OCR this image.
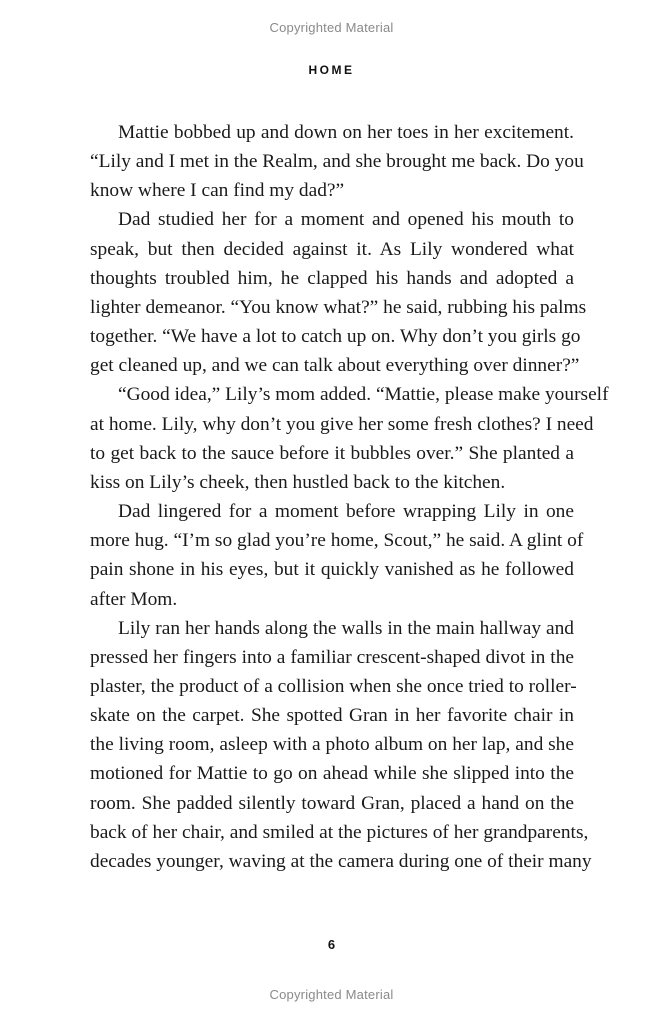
Copyrighted Material
HOME
Mattie bobbed up and down on her toes in her excitement.
“Lily and I met in the Realm, and she brought me back. Do you
know where I can find my dad?”
Dad studied her for a moment and opened his mouth to
speak, but then decided against it. As Lily wondered what
thoughts troubled him, he clapped his hands and adopted a
lighter demeanor. “You know what?” he said, rubbing his palms
together. “We have a lot to catch up on. Why don’t you girls go
get cleaned up, and we can talk about everything over dinner?”
“Good idea,” Lily’s mom added. “Mattie, please make yourself
at home. Lily, why don’t you give her some fresh clothes? I need
to get back to the sauce before it bubbles over.” She planted a
kiss on Lily’s cheek, then hustled back to the kitchen.
Dad lingered for a moment before wrapping Lily in one
more hug. “I’m so glad you’re home, Scout,” he said. A glint of
pain shone in his eyes, but it quickly vanished as he followed
after Mom.
Lily ran her hands along the walls in the main hallway and
pressed her fingers into a familiar crescent-shaped divot in the
plaster, the product of a collision when she once tried to roller-
skate on the carpet. She spotted Gran in her favorite chair in
the living room, asleep with a photo album on her lap, and she
motioned for Mattie to go on ahead while she slipped into the
room. She padded silently toward Gran, placed a hand on the
back of her chair, and smiled at the pictures of her grandparents,
decades younger, waving at the camera during one of their many
6
Copyrighted Material
